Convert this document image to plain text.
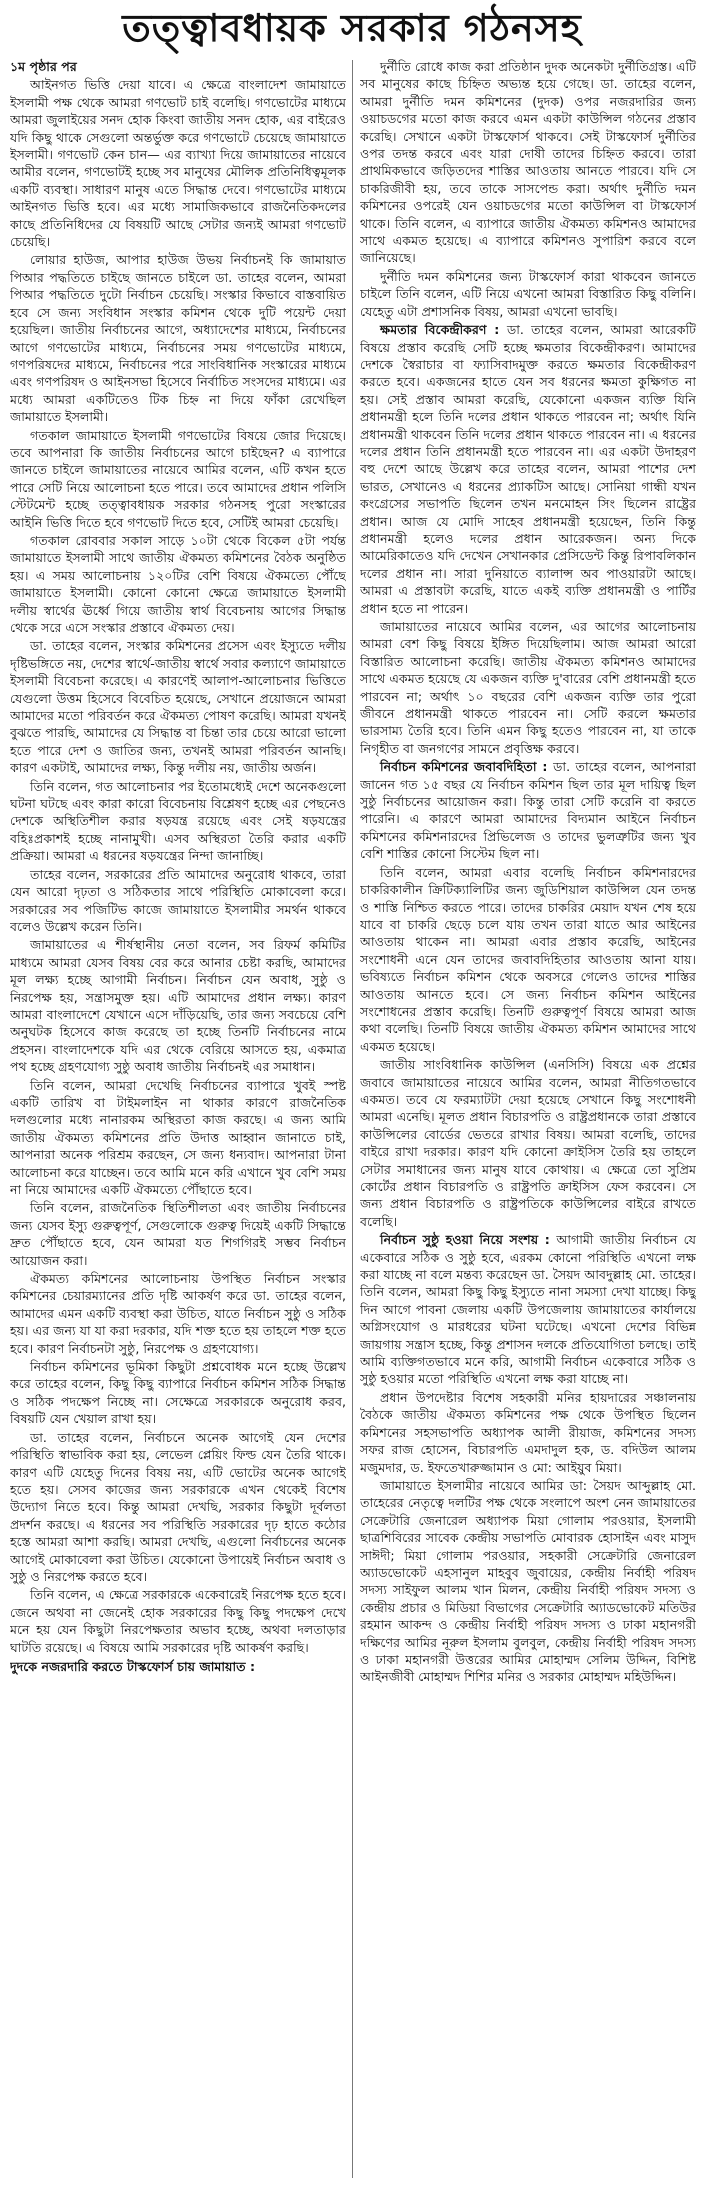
তত্ত্বাবধায়ক সরকার গঠনসহ

১ম পৃষ্ঠার পর

আইনগত ভিত্তি দেয়া যাবে। এ ক্ষেত্রে বাংলাদেশ জামায়াতে ইসলামী পক্ষ থেকে আমরা গণভোট চাই বলেছি। গণভোটের মাধ্যমে আমরা জুলাইয়ের সনদ হোক কিংবা জাতীয় সনদ হোক, এর বাইরেও যদি কিছু থাকে সেগুলো অন্তর্ভুক্ত করে গণভোটে চেয়েছে জামায়াতে ইসলামী। গণভোট কেন চান— এর ব্যাখ্যা দিয়ে জামায়াতের নায়েবে আমীর বলেন, গণভোটই হচ্ছে সব মানুষের মৌলিক প্রতিনিধিত্বমূলক একটি ব্যবস্থা। সাধারণ মানুষ এতে সিদ্ধান্ত দেবে। গণভোটের মাধ্যমে আইনগত ভিত্তি হবে। এর মধ্যে সামাজিকভাবে রাজনৈতিকদলের কাছে প্রতিনিধিদের যে বিষয়টি আছে সেটার জন্যই আমরা গণভোট চেয়েছি।

লোয়ার হাউজ, আপার হাউজ উভয় নির্বাচনই কি জামায়াত পিআর পদ্ধতিতে চাইছে জানতে চাইলে ডা. তাহের বলেন, আমরা পিআর পদ্ধতিতে দুটো নির্বাচন চেয়েছি। সংস্কার কিভাবে বাস্তবায়িত হবে সে জন্য সংবিধান সংস্কার কমিশন থেকে দুটি পয়েন্ট দেয়া হয়েছিল। জাতীয় নির্বাচনের আগে, অধ্যাদেশের মাধ্যমে, নির্বাচনের আগে গণভোটের মাধ্যমে, নির্বাচনের সময় গণভোটের মাধ্যমে, গণপরিষদের মাধ্যমে, নির্বাচনের পরে সাংবিধানিক সংস্কারের মাধ্যমে এবং গণপরিষদ ও আইনসভা হিসেবে নির্বাচিত সংসদের মাধ্যমে। এর মধ্যে আমরা একটিতেও টিক চিহ্ন না দিয়ে ফাঁকা রেখেছিল জামায়াতে ইসলামী।

গতকাল জামায়াতে ইসলামী গণভোটের বিষয়ে জোর দিয়েছে। তবে আপনারা কি জাতীয় নির্বাচনের আগে চাইছেন? এ ব্যাপারে জানতে চাইলে জামায়াতের নায়েবে আমির বলেন, এটি কখন হতে পারে সেটি নিয়ে আলোচনা হতে পারে। তবে আমাদের প্রধান পলিসি স্টেটমেন্ট হচ্ছে তত্ত্বাবধায়ক সরকার গঠনসহ পুরো সংস্কারের আইনি ভিত্তি দিতে হবে গণভোট দিতে হবে, সেটিই আমরা চেয়েছি।

গতকাল রোববার সকাল সাড়ে ১০টা থেকে বিকেল ৫টা পর্যন্ত জামায়াতে ইসলামী সাথে জাতীয় ঐকমত্য কমিশনের বৈঠক অনুষ্ঠিত হয়। এ সময় আলোচনায় ১২০টির বেশি বিষয়ে ঐকমত্যে পৌঁছে জামায়াতে ইসলামী। কোনো কোনো ক্ষেত্রে জামায়াতে ইসলামী দলীয় স্বার্থের ঊর্ধ্বে গিয়ে জাতীয় স্বার্থ বিবেচনায় আগের সিদ্ধান্ত থেকে সরে এসে সংস্কার প্রস্তাবে ঐকমত্য দেয়।

ডা. তাহের বলেন, সংস্কার কমিশনের প্রসেস এবং ইস্যুতে দলীয় দৃষ্টিভঙ্গিতে নয়, দেশের স্বার্থে-জাতীয় স্বার্থে সবার কল্যাণে জামায়াতে ইসলামী বিবেচনা করেছে। এ কারণেই আলাপ-আলোচনার ভিত্তিতে যেগুলো উত্তম হিসেবে বিবেচিত হয়েছে, সেখানে প্রয়োজনে আমরা আমাদের মতো পরিবর্তন করে ঐকমত্য পোষণ করেছি। আমরা যখনই বুঝতে পারছি, আমাদের যে সিদ্ধান্ত বা চিন্তা তার চেয়ে আরো ভালো হতে পারে দেশ ও জাতির জন্য, তখনই আমরা পরিবর্তন আনছি। কারণ একটাই, আমাদের লক্ষ্য, কিন্তু দলীয় নয়, জাতীয় অর্জন।

তিনি বলেন, গত আলোচনার পর ইতোমধ্যেই দেশে অনেকগুলো ঘটনা ঘটছে এবং কারা কারো বিবেচনায় বিশ্লেষণ হচ্ছে এর পেছনেও দেশকে অস্থিতিশীল করার ষড়যন্ত্র রয়েছে এবং সেই ষড়যন্ত্রের বহিঃপ্রকাশই হচ্ছে নানামুখী। এসব অস্থিরতা তৈরি করার একটি প্রক্রিয়া। আমরা এ ধরনের ষড়যন্ত্রের নিন্দা জানাচ্ছি।

তাহের বলেন, সরকারের প্রতি আমাদের অনুরোধ থাকবে, তারা যেন আরো দৃঢ়তা ও সঠিকতার সাথে পরিস্থিতি মোকাবেলা করে। সরকারের সব পজিটিভ কাজে জামায়াতে ইসলামীর সমর্থন থাকবে বলেও উল্লেখ করেন তিনি।

জামায়াতের এ শীর্ষস্থানীয় নেতা বলেন, সব রিফর্ম কমিটির মাধ্যমে আমরা যেসব বিষয় বের করে আনার চেষ্টা করছি, আমাদের মূল লক্ষ্য হচ্ছে আগামী নির্বাচন। নির্বাচন যেন অবাধ, সুষ্ঠু ও নিরপেক্ষ হয়, সন্ত্রাসমুক্ত হয়। এটি আমাদের প্রধান লক্ষ্য। কারণ আমরা বাংলাদেশে যেখানে এসে দাঁড়িয়েছি, তার জন্য সবচেয়ে বেশি অনুঘটক হিসেবে কাজ করেছে তা হচ্ছে তিনটি নির্বাচনের নামে প্রহসন। বাংলাদেশকে যদি এর থেকে বেরিয়ে আসতে হয়, একমাত্র পথ হচ্ছে গ্রহণযোগ্য সুষ্ঠু অবাধ জাতীয় নির্বাচনই এর সমাধান।

তিনি বলেন, আমরা দেখেছি নির্বাচনের ব্যাপারে খুবই স্পষ্ট একটি তারিখ বা টাইমলাইন না থাকার কারণে রাজনৈতিক দলগুলোর মধ্যে নানারকম অস্থিরতা কাজ করছে। এ জন্য আমি জাতীয় ঐকমত্য কমিশনের প্রতি উদাত্ত আহ্বান জানাতে চাই, আপনারা অনেক পরিশ্রম করছেন, সে জন্য ধন্যবাদ। আপনারা টানা আলোচনা করে যাচ্ছেন। তবে আমি মনে করি এখানে খুব বেশি সময় না নিয়ে আমাদের একটি ঐকমত্যে পৌঁছাতে হবে।

তিনি বলেন, রাজনৈতিক স্থিতিশীলতা এবং জাতীয় নির্বাচনের জন্য যেসব ইস্যু গুরুত্বপূর্ণ, সেগুলোকে গুরুত্ব দিয়েই একটি সিদ্ধান্তে দ্রুত পৌঁছাতে হবে, যেন আমরা যত শিগগিরই সম্ভব নির্বাচন আয়োজন করা।

ঐকমত্য কমিশনের আলোচনায় উপস্থিত নির্বাচন সংস্কার কমিশনের চেয়ারম্যানের প্রতি দৃষ্টি আকর্ষণ করে ডা. তাহের বলেন, আমাদের এমন একটি ব্যবস্থা করা উচিত, যাতে নির্বাচন সুষ্ঠু ও সঠিক হয়। এর জন্য যা যা করা দরকার, যদি শক্ত হতে হয় তাহলে শক্ত হতে হবে। কারণ নির্বাচনটা সুষ্ঠু, নিরপেক্ষ ও গ্রহণযোগ্য।

নির্বাচন কমিশনের ভূমিকা কিছুটা প্রশ্নবোধক মনে হচ্ছে উল্লেখ করে তাহের বলেন, কিছু কিছু ব্যাপারে নির্বাচন কমিশন সঠিক সিদ্ধান্ত ও সঠিক পদক্ষেপ নিচ্ছে না। সেক্ষেত্রে সরকারকে অনুরোধ করব, বিষয়টি যেন খেয়াল রাখা হয়।

ডা. তাহের বলেন, নির্বাচনে অনেক আগেই যেন দেশের পরিস্থিতি স্বাভাবিক করা হয়, লেভেল প্লেয়িং ফিল্ড যেন তৈরি থাকে। কারণ এটি যেহেতু দিনের বিষয় নয়, এটি ভোটের অনেক আগেই হতে হয়। সেসব কাজের জন্য সরকারকে এখন থেকেই বিশেষ উদ্যোগ নিতে হবে। কিন্তু আমরা দেখছি, সরকার কিছুটা দূর্বলতা প্রদর্শন করছে। এ ধরনের সব পরিস্থিতি সরকারের দৃঢ় হাতে কঠোর হস্তে আমরা আশা করছি। আমরা দেখছি, এগুলো নির্বাচনের অনেক আগেই মোকাবেলা করা উচিত। যেকোনো উপায়েই নির্বাচন অবাধ ও সুষ্ঠু ও নিরপেক্ষ করতে হবে।

তিনি বলেন, এ ক্ষেত্রে সরকারকে একেবারেই নিরপেক্ষ হতে হবে। জেনে অথবা না জেনেই হোক সরকারের কিছু কিছু পদক্ষেপ দেখে মনে হয় যেন কিছুটা নিরপেক্ষতার অভাব হচ্ছে, অথবা দলতাড়ার ঘাটতি রয়েছে। এ বিষয়ে আমি সরকারের দৃষ্টি আকর্ষণ করছি।

দুদকে নজরদারি করতে টাস্কফোর্স চায় জামায়াত :

দুর্নীতি রোধে কাজ করা প্রতিষ্ঠান দুদক অনেকটা দুর্নীতিগ্রস্ত। এটি সব মানুষের কাছে চিহ্নিত অভ্যন্ত হয়ে গেছে। ডা. তাহের বলেন, আমরা দুর্নীতি দমন কমিশনের (দুদক) ওপর নজরদারির জন্য ওয়াচডগের মতো কাজ করবে এমন একটা কাউন্সিল গঠনের প্রস্তাব করেছি। সেখানে একটা টাস্কফোর্স থাকবে। সেই টাস্কফোর্স দুর্নীতির ওপর তদন্ত করবে এবং যারা দোষী তাদের চিহ্নিত করবে। তারা প্রাথমিকভাবে জড়িতদের শাস্তির আওতায় আনতে পারবে। যদি সে চাকরিজীবী হয়, তবে তাকে সাসপেন্ড করা। অর্থাৎ দুর্নীতি দমন কমিশনের ওপরেই যেন ওয়াচডগের মতো কাউন্সিল বা টাস্কফোর্স থাকে। তিনি বলেন, এ ব্যাপারে জাতীয় ঐকমত্য কমিশনও আমাদের সাথে একমত হয়েছে। এ ব্যাপারে কমিশনও সুপারিশ করবে বলে জানিয়েছে।

দুর্নীতি দমন কমিশনের জন্য টাস্কফোর্স কারা থাকবেন জানতে চাইলে তিনি বলেন, এটি নিয়ে এখনো আমরা বিস্তারিত কিছু বলিনি। যেহেতু এটা প্রশাসনিক বিষয়, আমরা এখনো ভাবছি।

ক্ষমতার বিকেন্দ্রীকরণ : ডা. তাহের বলেন, আমরা আরেকটি বিষয়ে প্রস্তাব করেছি সেটি হচ্ছে ক্ষমতার বিকেন্দ্রীকরণ। আমাদের দেশকে স্বৈরাচার বা ফ্যাসিবাদমুক্ত করতে ক্ষমতার বিকেন্দ্রীকরণ করতে হবে। একজনের হাতে যেন সব ধরনের ক্ষমতা কুক্ষিগত না হয়। সেই প্রস্তাব আমরা করেছি, যেকোনো একজন ব্যক্তি যিনি প্রধানমন্ত্রী হলে তিনি দলের প্রধান থাকতে পারবেন না; অর্থাৎ যিনি প্রধানমন্ত্রী থাকবেন তিনি দলের প্রধান থাকতে পারবেন না। এ ধরনের দলের প্রধান তিনি প্রধানমন্ত্রী হতে পারবেন না। এর একটা উদাহরণ বহু দেশে আছে উল্লেখ করে তাহের বলেন, আমরা পাশের দেশ ভারত, সেখানেও এ ধরনের প্র্যাকটিস আছে। সোনিয়া গান্ধী যখন কংগ্রেসের সভাপতি ছিলেন তখন মনমোহন সিং ছিলেন রাষ্ট্রের প্রধান। আজ যে মোদি সাহেব প্রধানমন্ত্রী হয়েছেন, তিনি কিন্তু প্রধানমন্ত্রী হলেও দলের প্রধান আরেকজন। অন্য দিকে আমেরিকাতেও যদি দেখেন সেখানকার প্রেসিডেন্ট কিন্তু রিপাবলিকান দলের প্রধান না। সারা দুনিয়াতে ব্যালান্স অব পাওয়ারটা আছে। আমরা এ প্রস্তাবটা করেছি, যাতে একই ব্যক্তি প্রধানমন্ত্রী ও পার্টির প্রধান হতে না পারেন।

জামায়াতের নায়েবে আমির বলেন, এর আগের আলোচনায় আমরা বেশ কিছু বিষয়ে ইঙ্গিত দিয়েছিলাম। আজ আমরা আরো বিস্তারিত আলোচনা করেছি। জাতীয় ঐকমত্য কমিশনও আমাদের সাথে একমত হয়েছে যে একজন ব্যক্তি দু'বারের বেশি প্রধানমন্ত্রী হতে পারবেন না; অর্থাৎ ১০ বছরের বেশি একজন ব্যক্তি তার পুরো জীবনে প্রধানমন্ত্রী থাকতে পারবেন না। সেটি করলে ক্ষমতার ভারসাম্য তৈরি হবে। তিনি এমন কিছু হতেও পারবেন না, যা তাকে নিগৃহীত বা জনগণের সামনে প্রবৃত্তিক্ষ করবে।

নির্বাচন কমিশনের জবাবদিহিতা : ডা. তাহের বলেন, আপনারা জানেন গত ১৫ বছর যে নির্বাচন কমিশন ছিল তার মূল দায়িত্ব ছিল সুষ্ঠু নির্বাচনের আয়োজন করা। কিন্তু তারা সেটি করেনি বা করতে পারেনি। এ কারণে আমরা আমাদের বিদ্যমান আইনে নির্বাচন কমিশনের কমিশনারদের প্রিভিলেজ ও তাদের ভুলত্রুটির জন্য খুব বেশি শাস্তির কোনো সিস্টেম ছিল না।

তিনি বলেন, আমরা এবার বলেছি নির্বাচন কমিশনারদের চাকরিকালীন ক্রিটিক্যালিটির জন্য জুডিশিয়াল কাউন্সিল যেন তদন্ত ও শাস্তি নিশ্চিত করতে পারে। তাদের চাকরির মেয়াদ যখন শেষ হয়ে যাবে বা চাকরি ছেড়ে চলে যায় তখন তারা যাতে আর আইনের আওতায় থাকেন না। আমরা এবার প্রস্তাব করেছি, আইনের সংশোধনী এনে যেন তাদের জবাবদিহিতার আওতায় আনা যায়। ভবিষ্যতে নির্বাচন কমিশন থেকে অবসরে গেলেও তাদের শাস্তির আওতায় আনতে হবে। সে জন্য নির্বাচন কমিশন আইনের সংশোধনের প্রস্তাব করেছি। তিনটি গুরুত্বপূর্ণ বিষয়ে আমরা আজ কথা বলেছি। তিনটি বিষয়ে জাতীয় ঐকমত্য কমিশন আমাদের সাথে একমত হয়েছে।

জাতীয় সাংবিধানিক কাউন্সিল (এনসিসি) বিষয়ে এক প্রশ্নের জবাবে জামায়াতের নায়েবে আমির বলেন, আমরা নীতিগতভাবে একমত। তবে যে ফরম্যাটটা দেয়া হয়েছে সেখানে কিছু সংশোধনী আমরা এনেছি। মূলত প্রধান বিচারপতি ও রাষ্ট্রপ্রধানকে তারা প্রস্তাবে কাউন্সিলের বোর্ডের ভেতরে রাখার বিষয়। আমরা বলেছি, তাদের বাইরে রাখা দরকার। কারণ যদি কোনো ক্রাইসিস তৈরি হয় তাহলে সেটার সমাধানের জন্য মানুষ যাবে কোথায়। এ ক্ষেত্রে তো সুপ্রিম কোর্টের প্রধান বিচারপতি ও রাষ্ট্রপতি ক্রাইসিস ফেস করবেন। সে জন্য প্রধান বিচারপতি ও রাষ্ট্রপতিকে কাউন্সিলের বাইরে রাখতে বলেছি।

নির্বাচন সুষ্ঠু হওয়া নিয়ে সংশয় : আগামী জাতীয় নির্বাচন যে একেবারে সঠিক ও সুষ্ঠু হবে, এরকম কোনো পরিস্থিতি এখনো লক্ষ করা যাচ্ছে না বলে মন্তব্য করেছেন ডা. সৈয়দ আবদুল্লাহ মো. তাহের। তিনি বলেন, আমরা কিছু কিছু ইস্যুতে নানা সমস্যা দেখা যাচ্ছে। কিছু দিন আগে পাবনা জেলায় একটি উপজেলায় জামায়াতের কার্যালয়ে অগ্নিসংযোগ ও মারধরের ঘটনা ঘটেছে। এখনো দেশের বিভিন্ন জায়গায় সন্ত্রাস হচ্ছে, কিন্তু প্রশাসন দলকে প্রতিযোগিতা চলছে। তাই আমি ব্যক্তিগতভাবে মনে করি, আগামী নির্বাচন একেবারে সঠিক ও সুষ্ঠু হওয়ার মতো পরিস্থিতি এখনো লক্ষ করা যাচ্ছে না।

প্রধান উপদেষ্টার বিশেষ সহকারী মনির হায়দারের সঞ্চালনায় বৈঠকে জাতীয় ঐকমত্য কমিশনের পক্ষ থেকে উপস্থিত ছিলেন কমিশনের সহসভাপতি অধ্যাপক আলী রীয়াজ, কমিশনের সদস্য সফর রাজ হোসেন, বিচারপতি এমদাদুল হক, ড. বদিউল আলম মজুমদার, ড. ইফতেখারুজ্জামান ও মো: আইয়ুব মিয়া।

জামায়াতে ইসলামীর নায়েবে আমির ডা: সৈয়দ আব্দুল্লাহ মো. তাহেরের নেতৃত্বে দলটির পক্ষ থেকে সংলাপে অংশ নেন জামায়াতের সেক্রেটারি জেনারেল অধ্যাপক মিয়া গোলাম পরওয়ার, ইসলামী ছাত্রশিবিরের সাবেক কেন্দ্রীয় সভাপতি মোবারক হোসাইন এবং মাসুদ সাঈদী; মিয়া গোলাম পরওয়ার, সহকারী সেক্রেটারি জেনারেল অ্যাডভোকেট এহসানুল মাহবুব জুবায়ের, কেন্দ্রীয় নির্বাহী পরিষদ সদস্য সাইফুল আলম খান মিলন, কেন্দ্রীয় নির্বাহী পরিষদ সদস্য ও কেন্দ্রীয় প্রচার ও মিডিয়া বিভাগের সেক্রেটারি অ্যাডভোকেট মতিউর রহমান আকন্দ ও কেন্দ্রীয় নির্বাহী পরিষদ সদস্য ও ঢাকা মহানগরী দক্ষিণের আমির নূরুল ইসলাম বুলবুল, কেন্দ্রীয় নির্বাহী পরিষদ সদস্য ও ঢাকা মহানগরী উত্তরের আমির মোহাম্মদ সেলিম উদ্দিন, বিশিষ্ট আইনজীবী মোহাম্মদ শিশির মনির ও সরকার মোহাম্মদ মহিউদ্দিন।
